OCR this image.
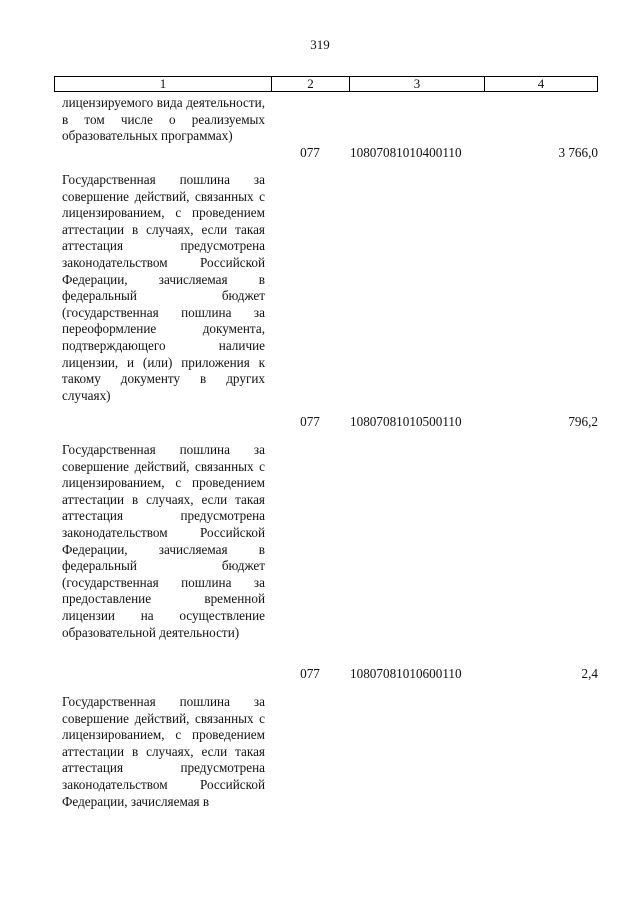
319
1	2	3	4
лицензируемого вида деятельности, в том числе о реализуемых образовательных программах)
077 10807081010400110	3 766,0
Государственная пошлина за совершение действий, связанных с лицензированием, с проведением аттестации в случаях, если такая аттестация предусмотрена законодательством Российской Федерации, зачисляемая в федеральный бюджет (государственная пошлина за переоформление документа, подтверждающего наличие лицензии, и (или) приложения к такому документу в других случаях)
077 10807081010500110	796,2
Государственная пошлина за совершение действий, связанных с лицензированием, с проведением аттестации в случаях, если такая аттестация предусмотрена законодательством Российской Федерации, зачисляемая в федеральный бюджет (государственная пошлина за предоставление временной лицензии на осуществление образовательной деятельности)
077 10807081010600110	2,4
Государственная пошлина за совершение действий, связанных с лицензированием, с проведением аттестации в случаях, если такая аттестация предусмотрена законодательством Российской Федерации, зачисляемая в
